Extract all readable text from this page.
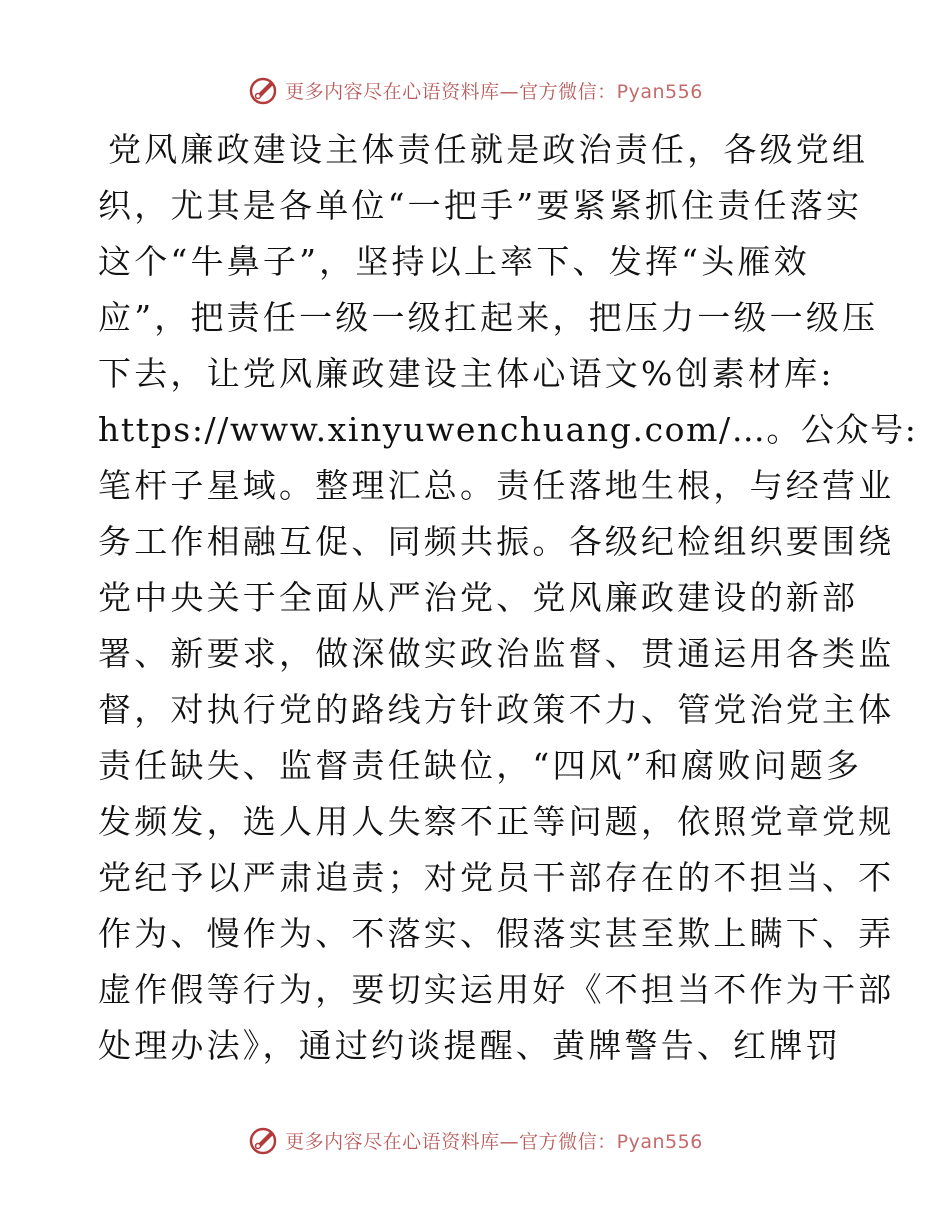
更多内容尽在心语资料库—官方微信：Pyan556
党风廉政建设主体责任就是政治责任，各级党组
织，尤其是各单位“一把手”要紧紧抓住责任落实
这个“牛鼻子”，坚持以上率下、发挥“头雁效
应”，把责任一级一级扛起来，把压力一级一级压
下去，让党风廉政建设主体心语文%创素材库:
https://www.xinyuwenchuang.com/…。公众号:
笔杆子星域。整理汇总。责任落地生根，与经营业
务工作相融互促、同频共振。各级纪检组织要围绕
党中央关于全面从严治党、党风廉政建设的新部
署、新要求，做深做实政治监督、贯通运用各类监
督，对执行党的路线方针政策不力、管党治党主体
责任缺失、监督责任缺位，“四风”和腐败问题多
发频发，选人用人失察不正等问题，依照党章党规
党纪予以严肃追责；对党员干部存在的不担当、不
作为、慢作为、不落实、假落实甚至欺上瞒下、弄
虚作假等行为，要切实运用好《不担当不作为干部
处理办法》，通过约谈提醒、黄牌警告、红牌罚
更多内容尽在心语资料库—官方微信：Pyan556
